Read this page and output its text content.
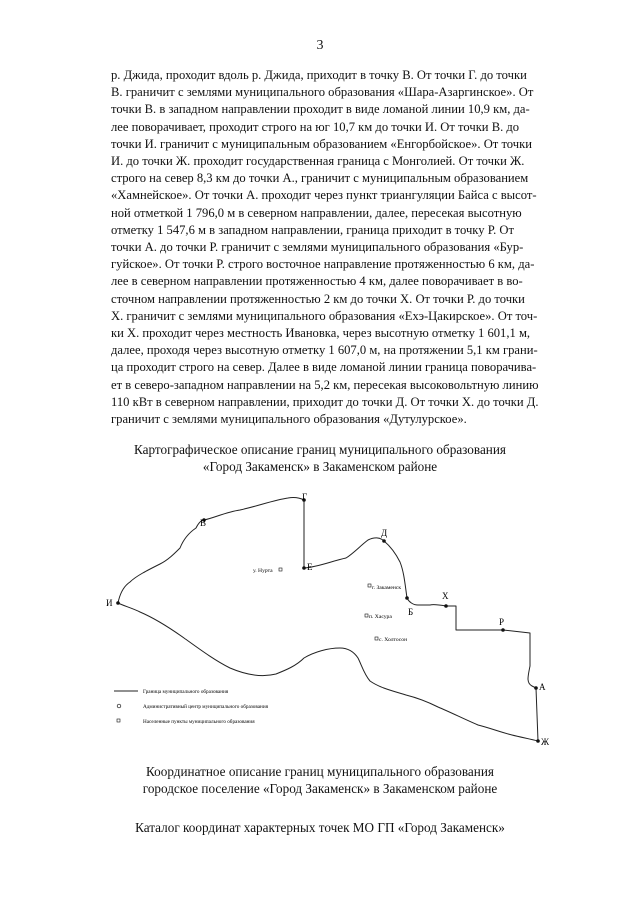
3
р. Джида, проходит вдоль р. Джида, приходит в точку В. От точки Г. до точки
В. граничит с землями муниципального образования «Шара-Азаргинское». От
точки В. в западном направлении проходит в виде ломаной линии 10,9 км, да-
лее поворачивает, проходит строго на юг 10,7 км до точки И. От точки В. до
точки И. граничит с муниципальным образованием «Енгорбойское». От точки
И. до точки Ж. проходит государственная граница с Монголией. От точки Ж.
строго на север 8,3 км до точки А., граничит с муниципальным образованием
«Хамнейское». От точки А. проходит через пункт триангуляции Байса с высот-
ной отметкой 1 796,0 м в северном направлении, далее, пересекая высотную
отметку 1 547,6 м в западном направлении, граница приходит в точку Р. От
точки А. до точки Р. граничит с землями муниципального образования «Бур-
гуйское». От точки Р. строго восточное направление протяженностью 6 км, да-
лее в северном направлении протяженностью 4 км, далее поворачивает в во-
сточном направлении протяженностью 2 км до точки Х. От точки Р. до точки
Х. граничит с землями муниципального образования «Ехэ-Цакирское». От точ-
ки Х. проходит через местность Ивановка, через высотную отметку 1 601,1 м,
далее, проходя через высотную отметку 1 607,0 м, на протяжении 5,1 км грани-
ца проходит строго на север. Далее в виде ломаной линии граница поворачива-
ет в северо-западном направлении на 5,2 км, пересекая высоковольтную линию
110 кВт в северном направлении, приходит до точки Д. От точки Х. до точки Д.
граничит с землями муниципального образования «Дутулурское».
Картографическое описание границ муниципального образования
«Город Закаменск» в Закаменском районе
Г
В
И
Е
Д
Б
Х
Р
А
Ж
у. Нурта
г. Закаменск
п. Хасура
с. Холтосон
Граница муниципального образования
Административный центр муниципального образования
Населенные пункты муниципального образования
Координатное описание границ муниципального образования
городское поселение «Город Закаменск» в Закаменском районе
Каталог координат характерных точек МО ГП «Город Закаменск»
